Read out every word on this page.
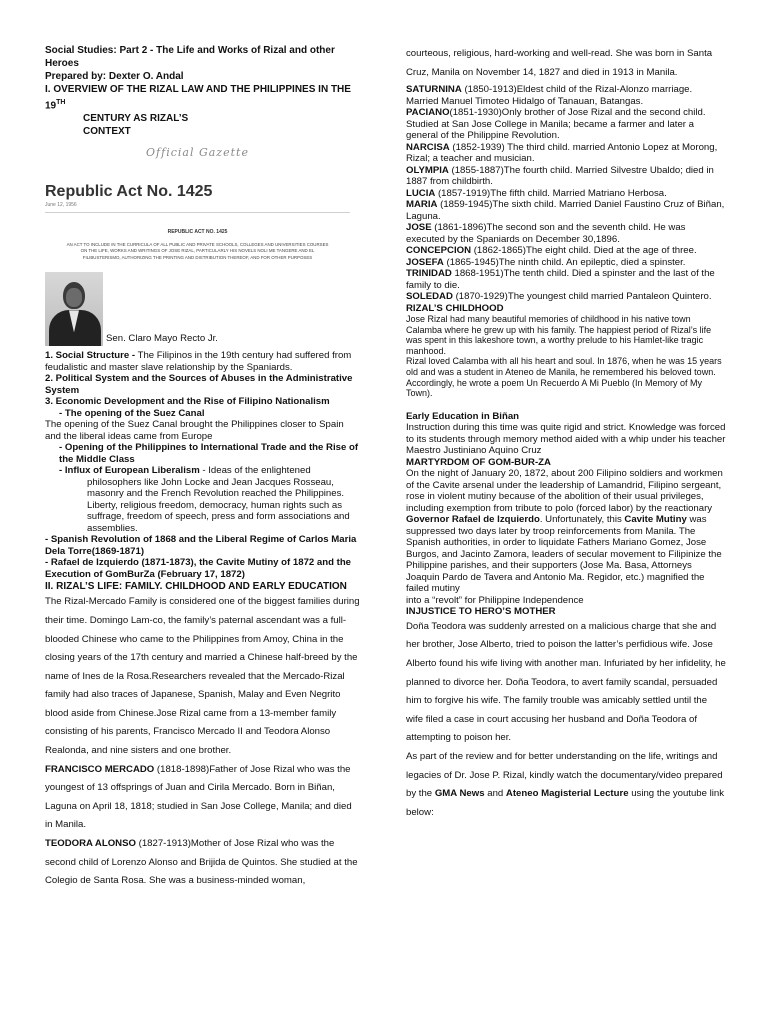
Social Studies: Part 2 - The Life and Works of Rizal and other
Heroes

Prepared by: Dexter O. Andal

I. OVERVIEW OF THE RIZAL LAW AND THE PHILIPPINES IN THE 19TH
CENTURY AS RIZAL’S
CONTEXT

Official Gazette
Republic Act No. 1425
June 12, 1956
REPUBLIC ACT NO. 1425
AN ACT TO INCLUDE IN THE CURRICULA OF ALL PUBLIC AND PRIVATE SCHOOLS, COLLEGES AND UNIVERSITIES COURSES
ON THE LIFE, WORKS AND WRITINGS OF JOSE RIZAL, PARTICULARLY HIS NOVELS NOLI ME TANGERE AND EL
FILIBUSTERISMO, AUTHORIZING THE PRINTING AND DISTRIBUTION THEREOF, AND FOR OTHER PURPOSES
Sen. Claro Mayo Recto Jr.

1. Social Structure - The Filipinos in the 19th century had suffered from feudalistic and master slave relationship by the Spaniards.

2. Political System and the Sources of Abuses in the Administrative System

3. Economic Development and the Rise of Filipino Nationalism

- The opening of the Suez Canal

The opening of the Suez Canal brought the Philippines closer to Spain and the liberal ideas came from Europe

- Opening of the Philippines to International Trade and the Rise of the Middle Class

- Influx of European Liberalism - Ideas of the enlightened

philosophers like John Locke and Jean Jacques Rosseau, masonry and the French Revolution reached the Philippines. Liberty, religious freedom, democracy, human rights such as suffrage, freedom of speech, press and form associations and assemblies.

- Spanish Revolution of 1868 and the Liberal Regime of Carlos Maria Dela Torre(1869-1871)

- Rafael de Izquierdo (1871-1873), the Cavite Mutiny of 1872 and the Execution of GomBurZa (February 17, 1872)

II. RIZAL’S LIFE: FAMILY. CHILDHOOD AND EARLY EDUCATION

The Rizal-Mercado Family is considered one of the biggest families during their time. Domingo Lam-co, the family’s paternal ascendant was a full-blooded Chinese who came to the Philippines from Amoy, China in the closing years of the 17th century and married a Chinese half-breed by the name of Ines de la Rosa.Researchers revealed that the Mercado-Rizal family had also traces of Japanese, Spanish, Malay and Even Negrito blood aside from Chinese.Jose Rizal came from a 13-member family consisting of his parents, Francisco Mercado II and Teodora Alonso Realonda, and nine sisters and one brother.

FRANCISCO MERCADO (1818-1898)Father of Jose Rizal who was the youngest of 13 offsprings of Juan and Cirila Mercado. Born in Biñan, Laguna on April 18, 1818; studied in San Jose College, Manila; and died in Manila.

TEODORA ALONSO (1827-1913)Mother of Jose Rizal who was the second child of Lorenzo Alonso and Brijida de Quintos. She studied at the Colegio de Santa Rosa. She was a business-minded woman,

courteous, religious, hard-working and well-read. She was born in Santa Cruz, Manila on November 14, 1827 and died in 1913 in Manila.

SATURNINA (1850-1913)Eldest child of the Rizal-Alonzo marriage. Married Manuel Timoteo Hidalgo of Tanauan, Batangas.

PACIANO(1851-1930)Only brother of Jose Rizal and the second child. Studied at San Jose College in Manila; became a farmer and later a general of the Philippine Revolution.

NARCISA (1852-1939) The third child. married Antonio Lopez at Morong, Rizal; a teacher and musician.

OLYMPIA (1855-1887)The fourth child. Married Silvestre Ubaldo; died in 1887 from childbirth.

LUCIA (1857-1919)The fifth child. Married Matriano Herbosa.

MARIA (1859-1945)The sixth child. Married Daniel Faustino Cruz of Biñan, Laguna.

JOSE (1861-1896)The second son and the seventh child. He was executed by the Spaniards on December 30,1896.

CONCEPCION (1862-1865)The eight child. Died at the age of three.

JOSEFA (1865-1945)The ninth child. An epileptic, died a spinster.

TRINIDAD 1868-1951)The tenth child. Died a spinster and the last of the family to die.

SOLEDAD (1870-1929)The youngest child married Pantaleon Quintero.

RIZAL’S CHILDHOOD

Jose Rizal had many beautiful memories of childhood in his native town Calamba where he grew up with his family. The happiest period of Rizal’s life was spent in this lakeshore town, a worthy prelude to his Hamlet-like tragic manhood.

Rizal loved Calamba with all his heart and soul. In 1876, when he was 15 years old and was a student in Ateneo de Manila, he remembered his beloved town. Accordingly, he wrote a poem Un Recuerdo A Mi Pueblo (In Memory of My Town).

Early Education in Biñan

Instruction during this time was quite rigid and strict. Knowledge was forced to its students through memory method aided with a whip under his teacher Maestro Justiniano Aquino Cruz

MARTYRDOM OF GOM-BUR-ZA

On the night of January 20, 1872, about 200 Filipino soldiers and workmen of the Cavite arsenal under the leadership of Lamandrid, Filipino sergeant, rose in violent mutiny because of the abolition of their usual privileges, including exemption from tribute to polo (forced labor) by the reactionary Governor Rafael de Izquierdo. Unfortunately, this Cavite Mutiny was suppressed two days later by troop reinforcements from Manila. The Spanish authorities, in order to liquidate Fathers Mariano Gomez, Jose Burgos, and Jacinto Zamora, leaders of secular movement to Filipinize the Philippine parishes, and their supporters (Jose Ma. Basa, Attorneys Joaquin Pardo de Tavera and Antonio Ma. Regidor, etc.) magnified the failed mutiny

into a “revolt” for Philippine Independence

INJUSTICE TO HERO’S MOTHER

Doña Teodora was suddenly arrested on a malicious charge that she and her brother, Jose Alberto, tried to poison the latter’s perfidious wife. Jose Alberto found his wife living with another man. Infuriated by her infidelity, he planned to divorce her. Doña Teodora, to avert family scandal, persuaded him to forgive his wife. The family trouble was amicably settled until the wife filed a case in court accusing her husband and Doña Teodora of attempting to poison her.

As part of the review and for better understanding on the life, writings and legacies of Dr. Jose P. Rizal, kindly watch the documentary/video prepared by the GMA News and Ateneo Magisterial Lecture using the youtube link below:
